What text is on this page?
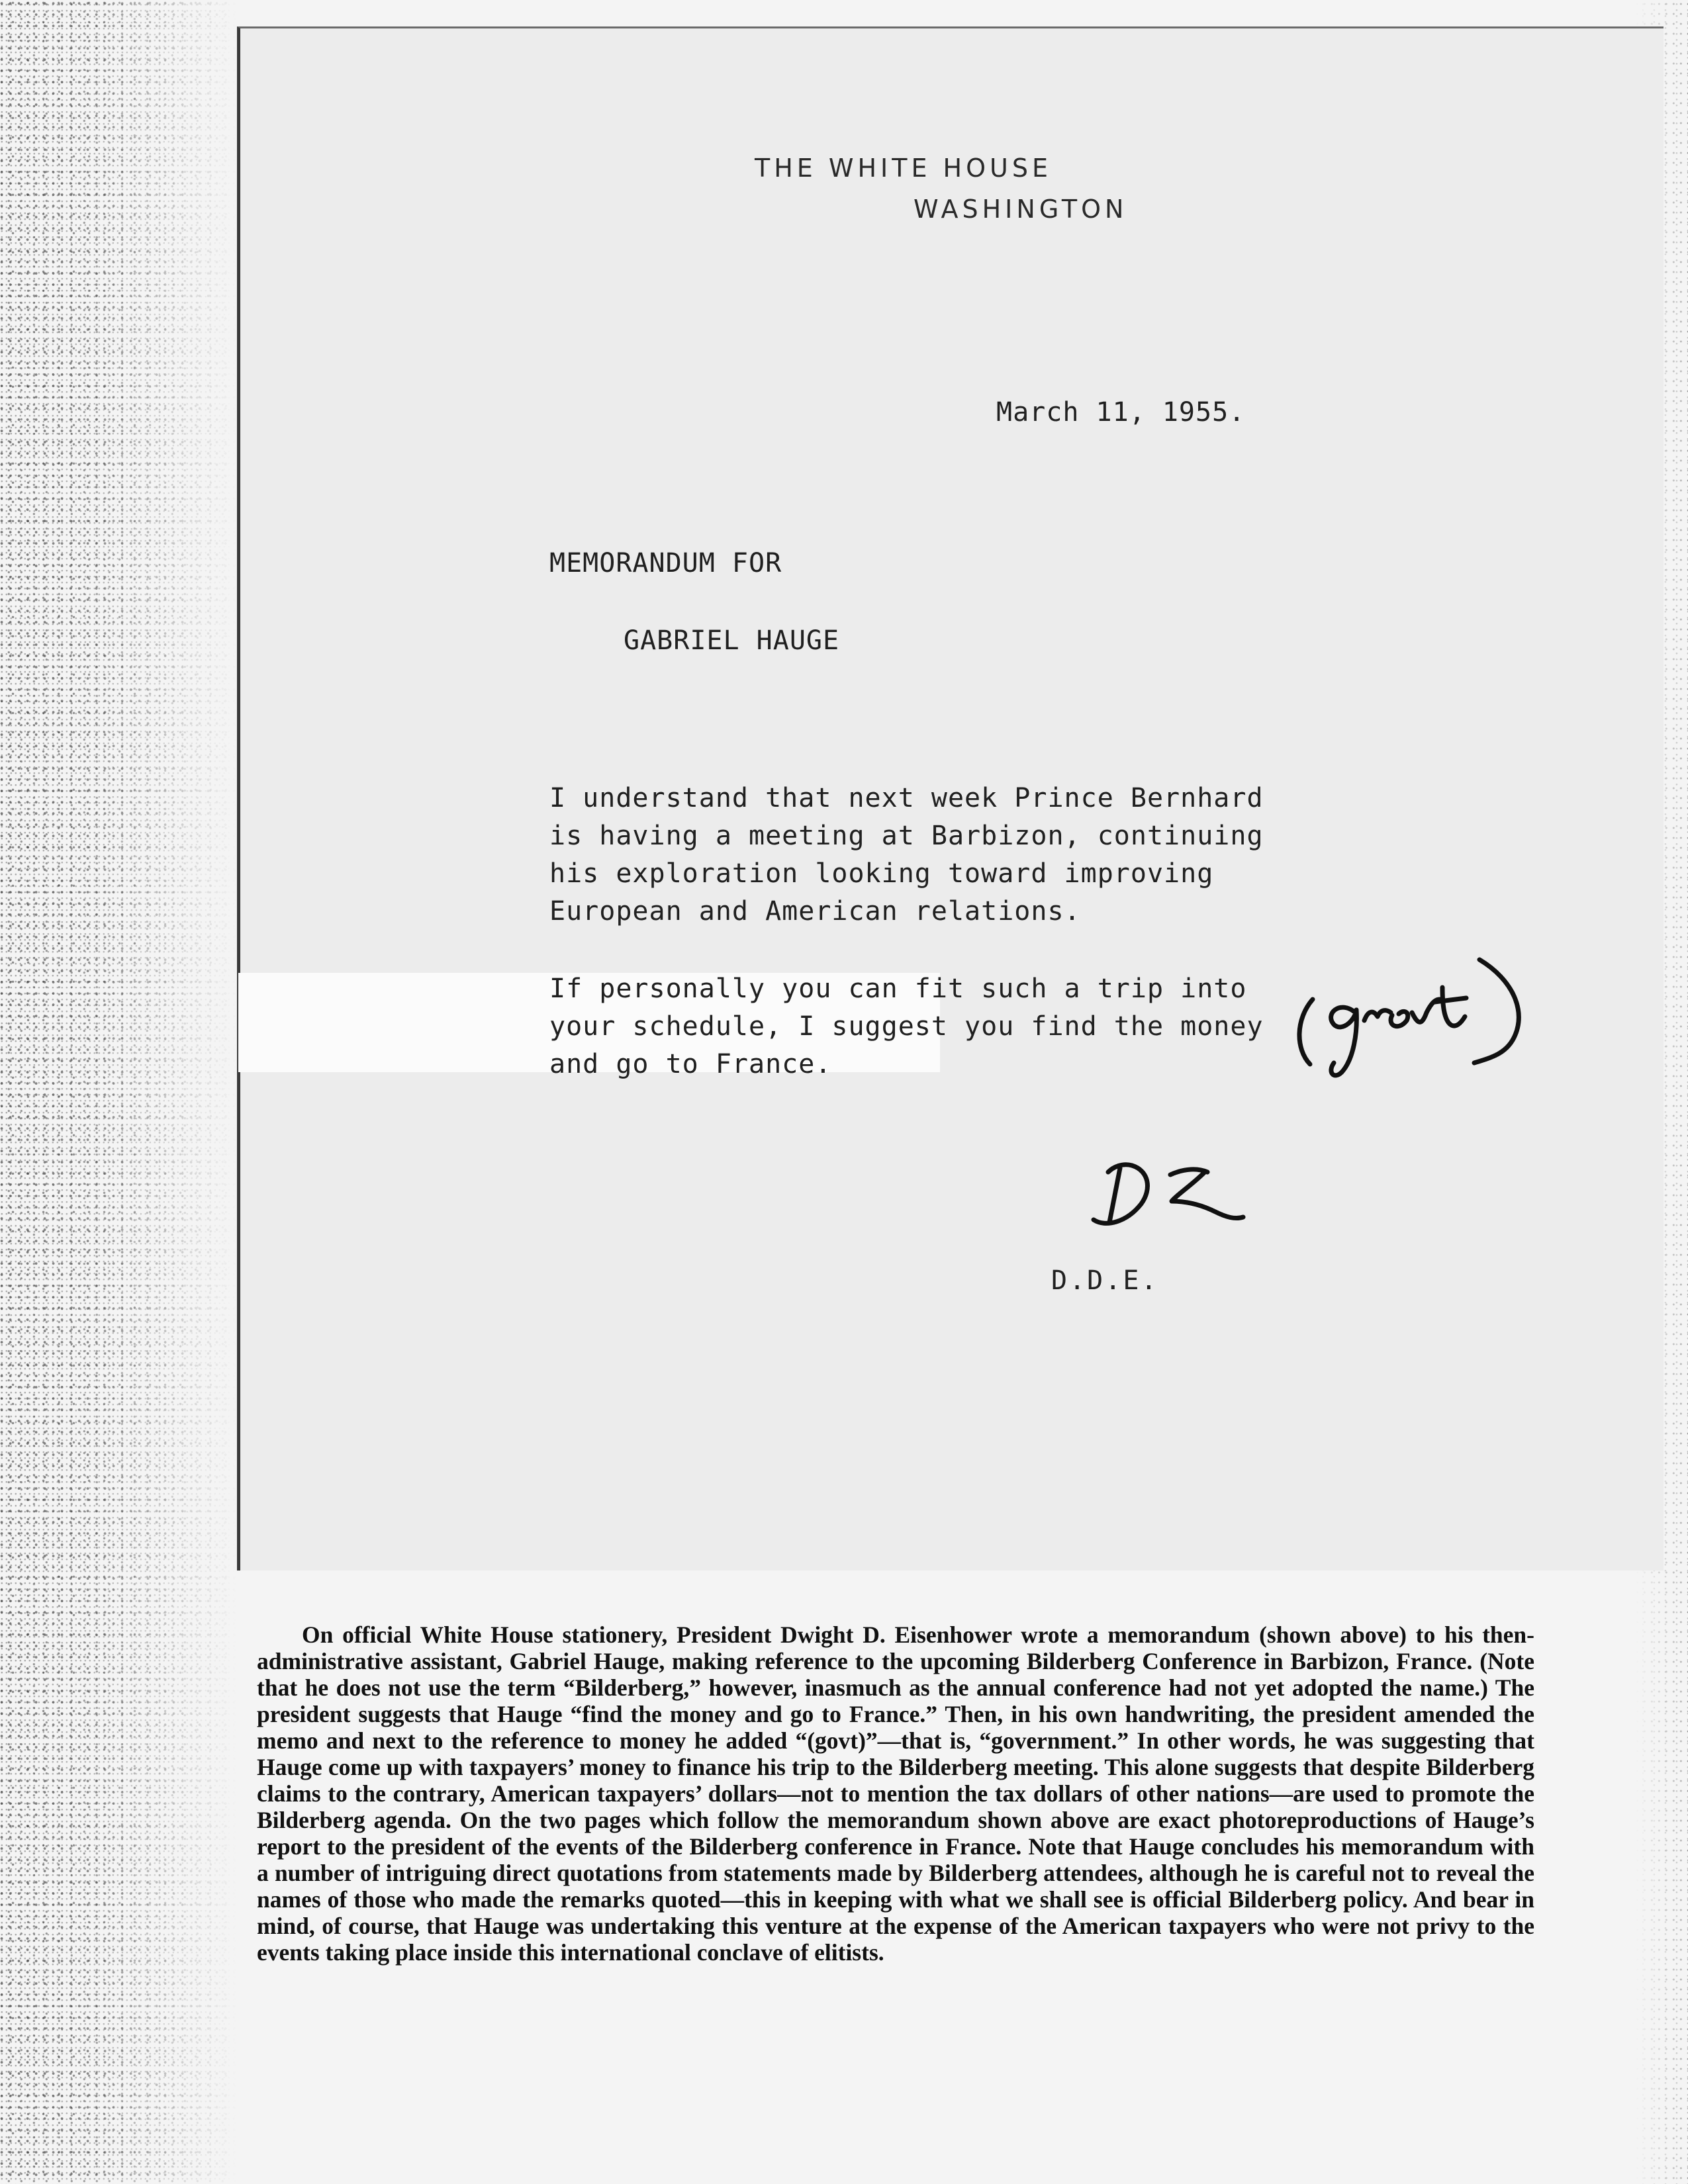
THE WHITE HOUSE
WASHINGTON
March 11, 1955.
MEMORANDUM FOR
GABRIEL HAUGE
I understand that next week Prince Bernhard
is having a meeting at Barbizon, continuing
his exploration looking toward improving
European and American relations.
If personally you can fit such a trip into
your schedule, I suggest you find the money
and go to France.
D.D.E.

On official White House stationery, President Dwight D. Eisenhower wrote a memorandum (shown above) to his then-administrative assistant, Gabriel Hauge, making reference to the upcoming Bilderberg Conference in Barbizon, France. (Note that he does not use the term “Bilderberg,” however, inasmuch as the annual conference had not yet adopted the name.) The president suggests that Hauge “find the money and go to France.” Then, in his own handwriting, the president amended the memo and next to the reference to money he added “(govt)”—that is, “government.” In other words, he was suggesting that Hauge come up with taxpayers’ money to finance his trip to the Bilderberg meeting. This alone suggests that despite Bilderberg claims to the contrary, American taxpayers’ dollars—not to mention the tax dollars of other nations—are used to promote the Bilderberg agenda. On the two pages which follow the memorandum shown above are exact photoreproductions of Hauge’s report to the president of the events of the Bilderberg conference in France. Note that Hauge concludes his memorandum with a number of intriguing direct quotations from statements made by Bilderberg attendees, although he is careful not to reveal the names of those who made the remarks quoted—this in keeping with what we shall see is official Bilderberg policy. And bear in mind, of course, that Hauge was undertaking this venture at the expense of the American taxpayers who were not privy to the events taking place inside this international conclave of elitists.
